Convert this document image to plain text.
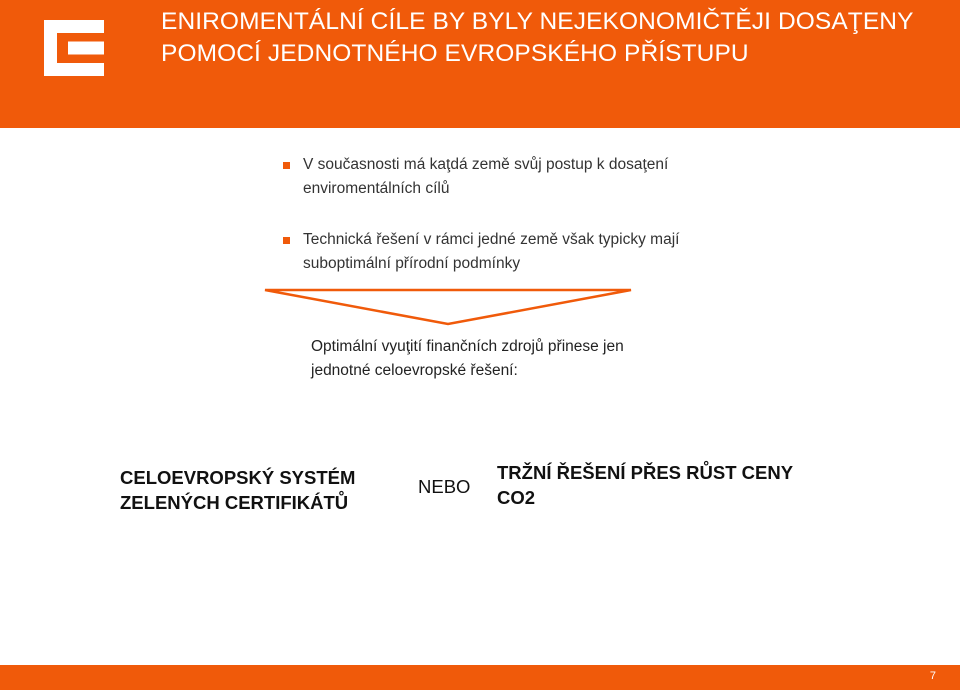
ENIROMENTÁLNÍ CÍLE BY BYLY NEJEKONOMIČTĚJI DOSAŢENY POMOCÍ JEDNOTNÉHO EVROPSKÉHO PŘÍSTUPU
V současnosti má kaţdá země svůj postup k dosaţení enviromentálních cílů
Technická řešení v rámci jedné země však typicky mají suboptimální přírodní podmínky
Optimální vyuţití finančních zdrojů přinese jen jednotné celoevropské řešení:
CELOEVROPSKÝ SYSTÉM ZELENÝCH CERTIFIKÁTŮ
NEBO
TRŽNÍ ŘEŠENÍ PŘES RŮST CENY CO2
7
